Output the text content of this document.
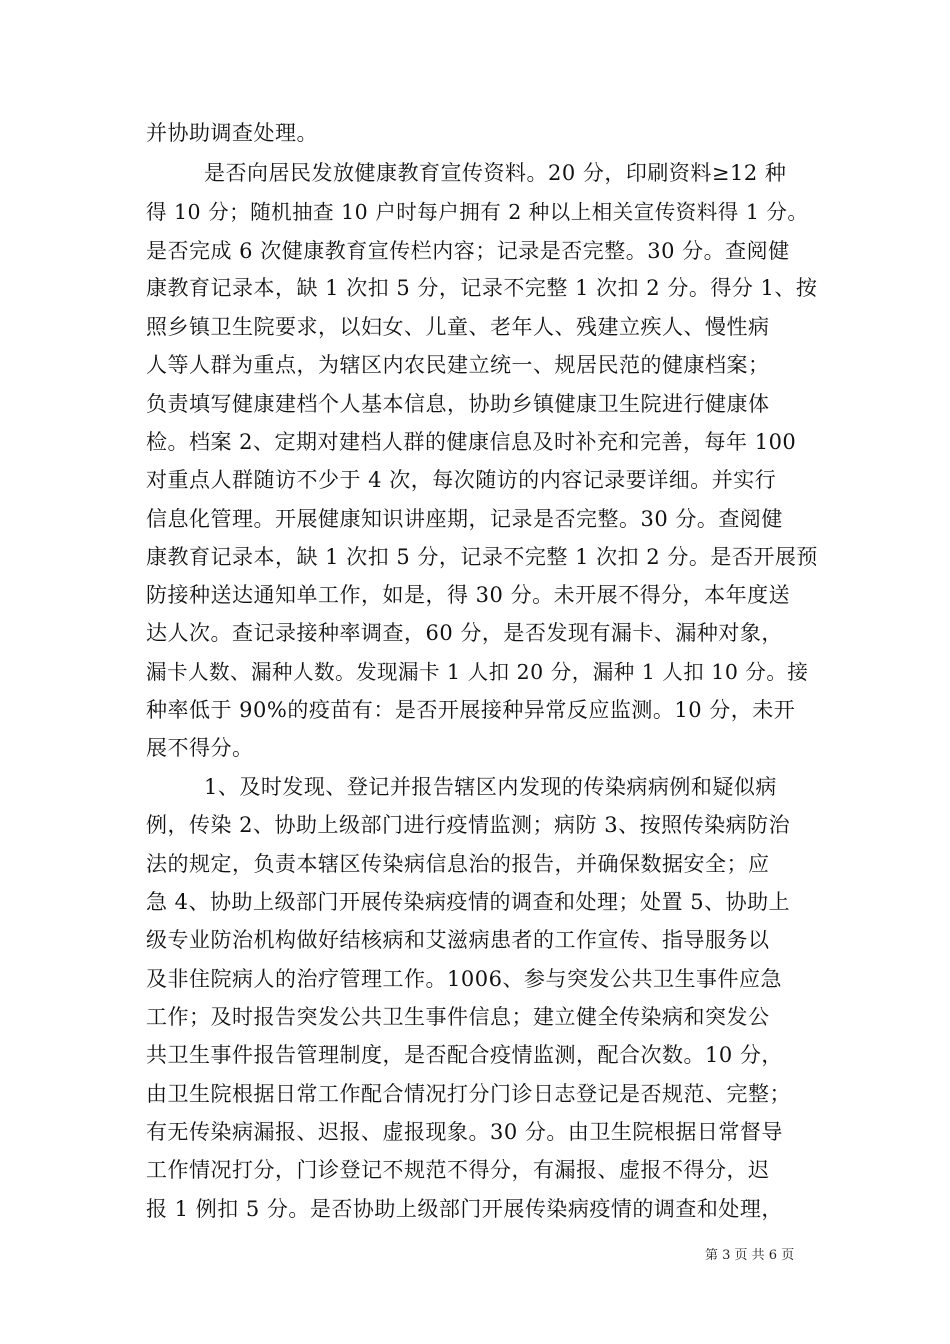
并协助调查处理。
是否向居民发放健康教育宣传资料。20 分，印刷资料≥12 种
得 10 分；随机抽查 10 户时每户拥有 2 种以上相关宣传资料得 1 分。
是否完成 6 次健康教育宣传栏内容；记录是否完整。30 分。查阅健
康教育记录本，缺 1 次扣 5 分，记录不完整 1 次扣 2 分。得分 1、按
照乡镇卫生院要求，以妇女、儿童、老年人、残建立疾人、慢性病
人等人群为重点，为辖区内农民建立统一、规居民范的健康档案；
负责填写健康建档个人基本信息，协助乡镇健康卫生院进行健康体
检。档案 2、定期对建档人群的健康信息及时补充和完善，每年 100
对重点人群随访不少于 4 次，每次随访的内容记录要详细。并实行
信息化管理。开展健康知识讲座期，记录是否完整。30 分。查阅健
康教育记录本，缺 1 次扣 5 分，记录不完整 1 次扣 2 分。是否开展预
防接种送达通知单工作，如是，得 30 分。未开展不得分，本年度送
达人次。查记录接种率调查，60 分，是否发现有漏卡、漏种对象，
漏卡人数、漏种人数。发现漏卡 1 人扣 20 分，漏种 1 人扣 10 分。接
种率低于 90%的疫苗有：是否开展接种异常反应监测。10 分，未开
展不得分。
1、及时发现、登记并报告辖区内发现的传染病病例和疑似病
例，传染 2、协助上级部门进行疫情监测；病防 3、按照传染病防治
法的规定，负责本辖区传染病信息治的报告，并确保数据安全；应
急 4、协助上级部门开展传染病疫情的调查和处理；处置 5、协助上
级专业防治机构做好结核病和艾滋病患者的工作宣传、指导服务以
及非住院病人的治疗管理工作。1006、参与突发公共卫生事件应急
工作；及时报告突发公共卫生事件信息；建立健全传染病和突发公
共卫生事件报告管理制度，是否配合疫情监测，配合次数。10 分，
由卫生院根据日常工作配合情况打分门诊日志登记是否规范、完整；
有无传染病漏报、迟报、虚报现象。30 分。由卫生院根据日常督导
工作情况打分，门诊登记不规范不得分，有漏报、虚报不得分，迟
报 1 例扣 5 分。是否协助上级部门开展传染病疫情的调查和处理，
第 3 页 共 6 页
